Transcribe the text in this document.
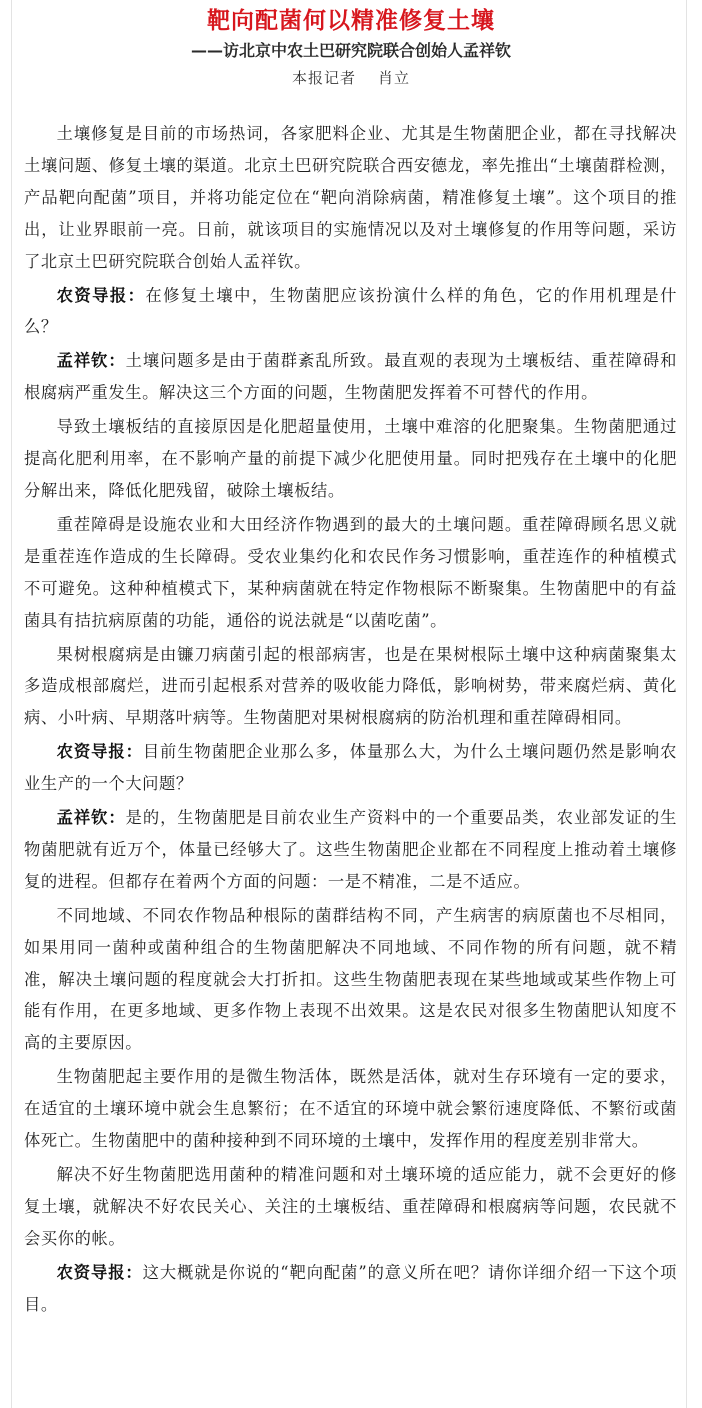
靶向配菌何以精准修复土壤
——访北京中农土巴研究院联合创始人孟祥钦
本报记者 肖立

土壤修复是目前的市场热词，各家肥料企业、尤其是生物菌肥企业，都在寻找解决土壤问题、修复土壤的渠道。北京土巴研究院联合西安德龙，率先推出“土壤菌群检测，产品靶向配菌”项目，并将功能定位在“靶向消除病菌，精准修复土壤”。这个项目的推出，让业界眼前一亮。日前，就该项目的实施情况以及对土壤修复的作用等问题，采访了北京土巴研究院联合创始人孟祥钦。

农资导报：在修复土壤中，生物菌肥应该扮演什么样的角色，它的作用机理是什么？

孟祥钦：土壤问题多是由于菌群紊乱所致。最直观的表现为土壤板结、重茬障碍和根腐病严重发生。解决这三个方面的问题，生物菌肥发挥着不可替代的作用。

导致土壤板结的直接原因是化肥超量使用，土壤中难溶的化肥聚集。生物菌肥通过提高化肥利用率，在不影响产量的前提下减少化肥使用量。同时把残存在土壤中的化肥分解出来，降低化肥残留，破除土壤板结。

重茬障碍是设施农业和大田经济作物遇到的最大的土壤问题。重茬障碍顾名思义就是重茬连作造成的生长障碍。受农业集约化和农民作务习惯影响，重茬连作的种植模式不可避免。这种种植模式下，某种病菌就在特定作物根际不断聚集。生物菌肥中的有益菌具有拮抗病原菌的功能，通俗的说法就是“以菌吃菌”。

果树根腐病是由镰刀病菌引起的根部病害，也是在果树根际土壤中这种病菌聚集太多造成根部腐烂，进而引起根系对营养的吸收能力降低，影响树势，带来腐烂病、黄化病、小叶病、早期落叶病等。生物菌肥对果树根腐病的防治机理和重茬障碍相同。

农资导报：目前生物菌肥企业那么多，体量那么大，为什么土壤问题仍然是影响农业生产的一个大问题？

孟祥钦：是的，生物菌肥是目前农业生产资料中的一个重要品类，农业部发证的生物菌肥就有近万个，体量已经够大了。这些生物菌肥企业都在不同程度上推动着土壤修复的进程。但都存在着两个方面的问题：一是不精准，二是不适应。

不同地域、不同农作物品种根际的菌群结构不同，产生病害的病原菌也不尽相同，如果用同一菌种或菌种组合的生物菌肥解决不同地域、不同作物的所有问题，就不精准，解决土壤问题的程度就会大打折扣。这些生物菌肥表现在某些地域或某些作物上可能有作用，在更多地域、更多作物上表现不出效果。这是农民对很多生物菌肥认知度不高的主要原因。

生物菌肥起主要作用的是微生物活体，既然是活体，就对生存环境有一定的要求，在适宜的土壤环境中就会生息繁衍；在不适宜的环境中就会繁衍速度降低、不繁衍或菌体死亡。生物菌肥中的菌种接种到不同环境的土壤中，发挥作用的程度差别非常大。

解决不好生物菌肥选用菌种的精准问题和对土壤环境的适应能力，就不会更好的修复土壤，就解决不好农民关心、关注的土壤板结、重茬障碍和根腐病等问题，农民就不会买你的帐。

农资导报：这大概就是你说的“靶向配菌”的意义所在吧？请你详细介绍一下这个项目。
